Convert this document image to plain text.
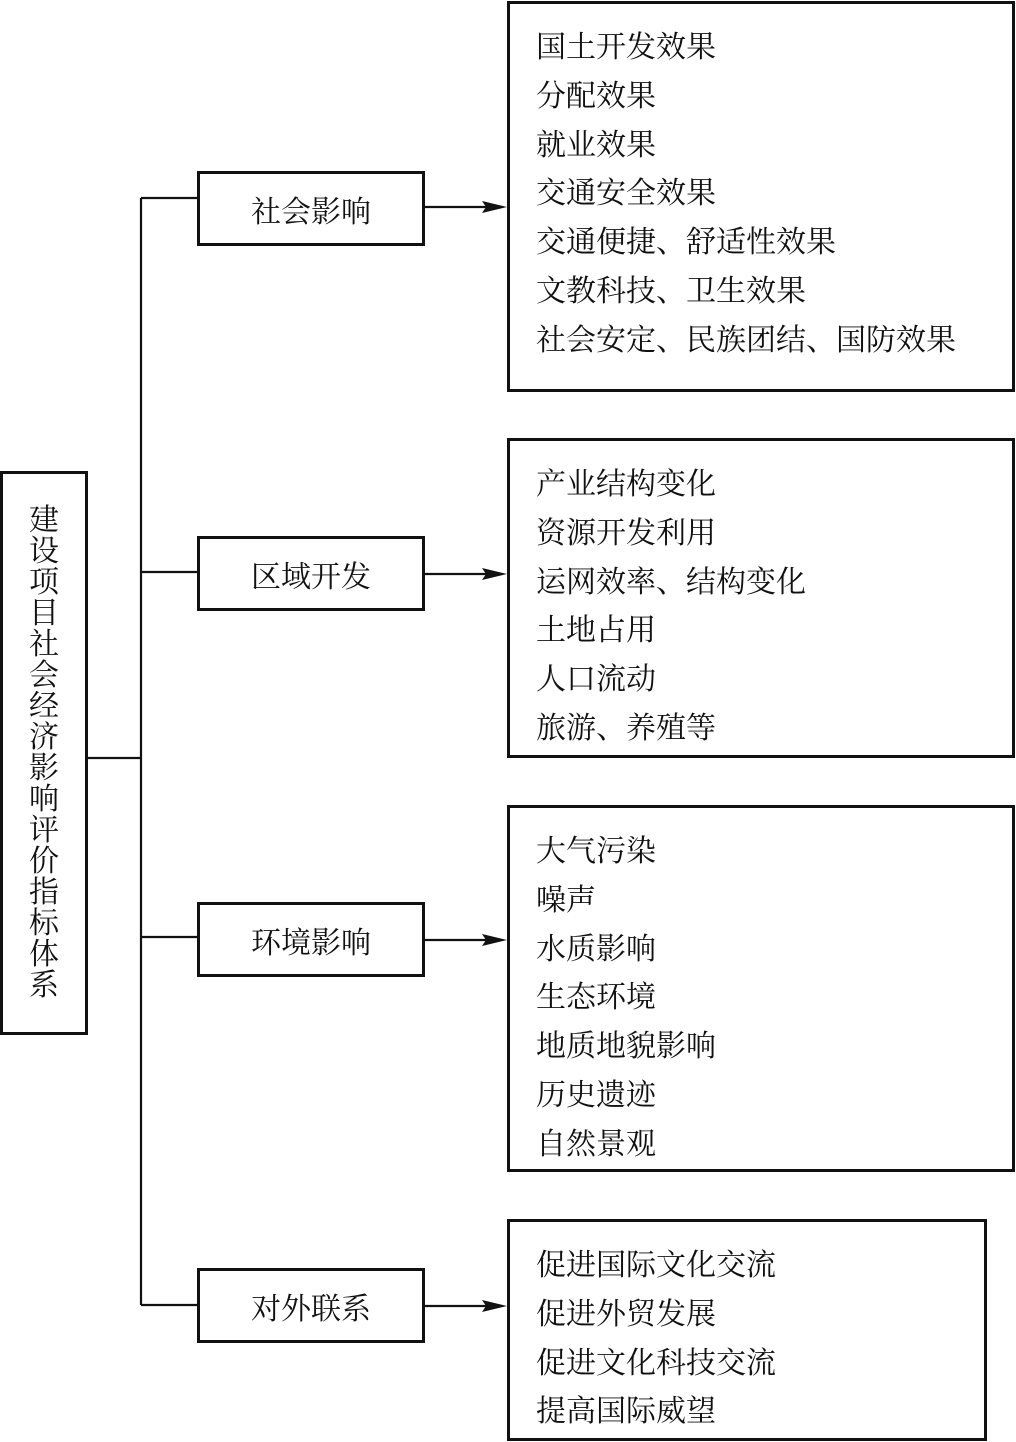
建
设
项
目
社
会
经
济
影
响
评
价
指
标
体
系
社会影响
区域开发
环境影响
对外联系
国土开发效果
分配效果
就业效果
交通安全效果
交通便捷、舒适性效果
文教科技、卫生效果
社会安定、民族团结、国防效果
产业结构变化
资源开发利用
运网效率、结构变化
土地占用
人口流动
旅游、养殖等
大气污染
噪声
水质影响
生态环境
地质地貌影响
历史遗迹
自然景观
促进国际文化交流
促进外贸发展
促进文化科技交流
提高国际威望
